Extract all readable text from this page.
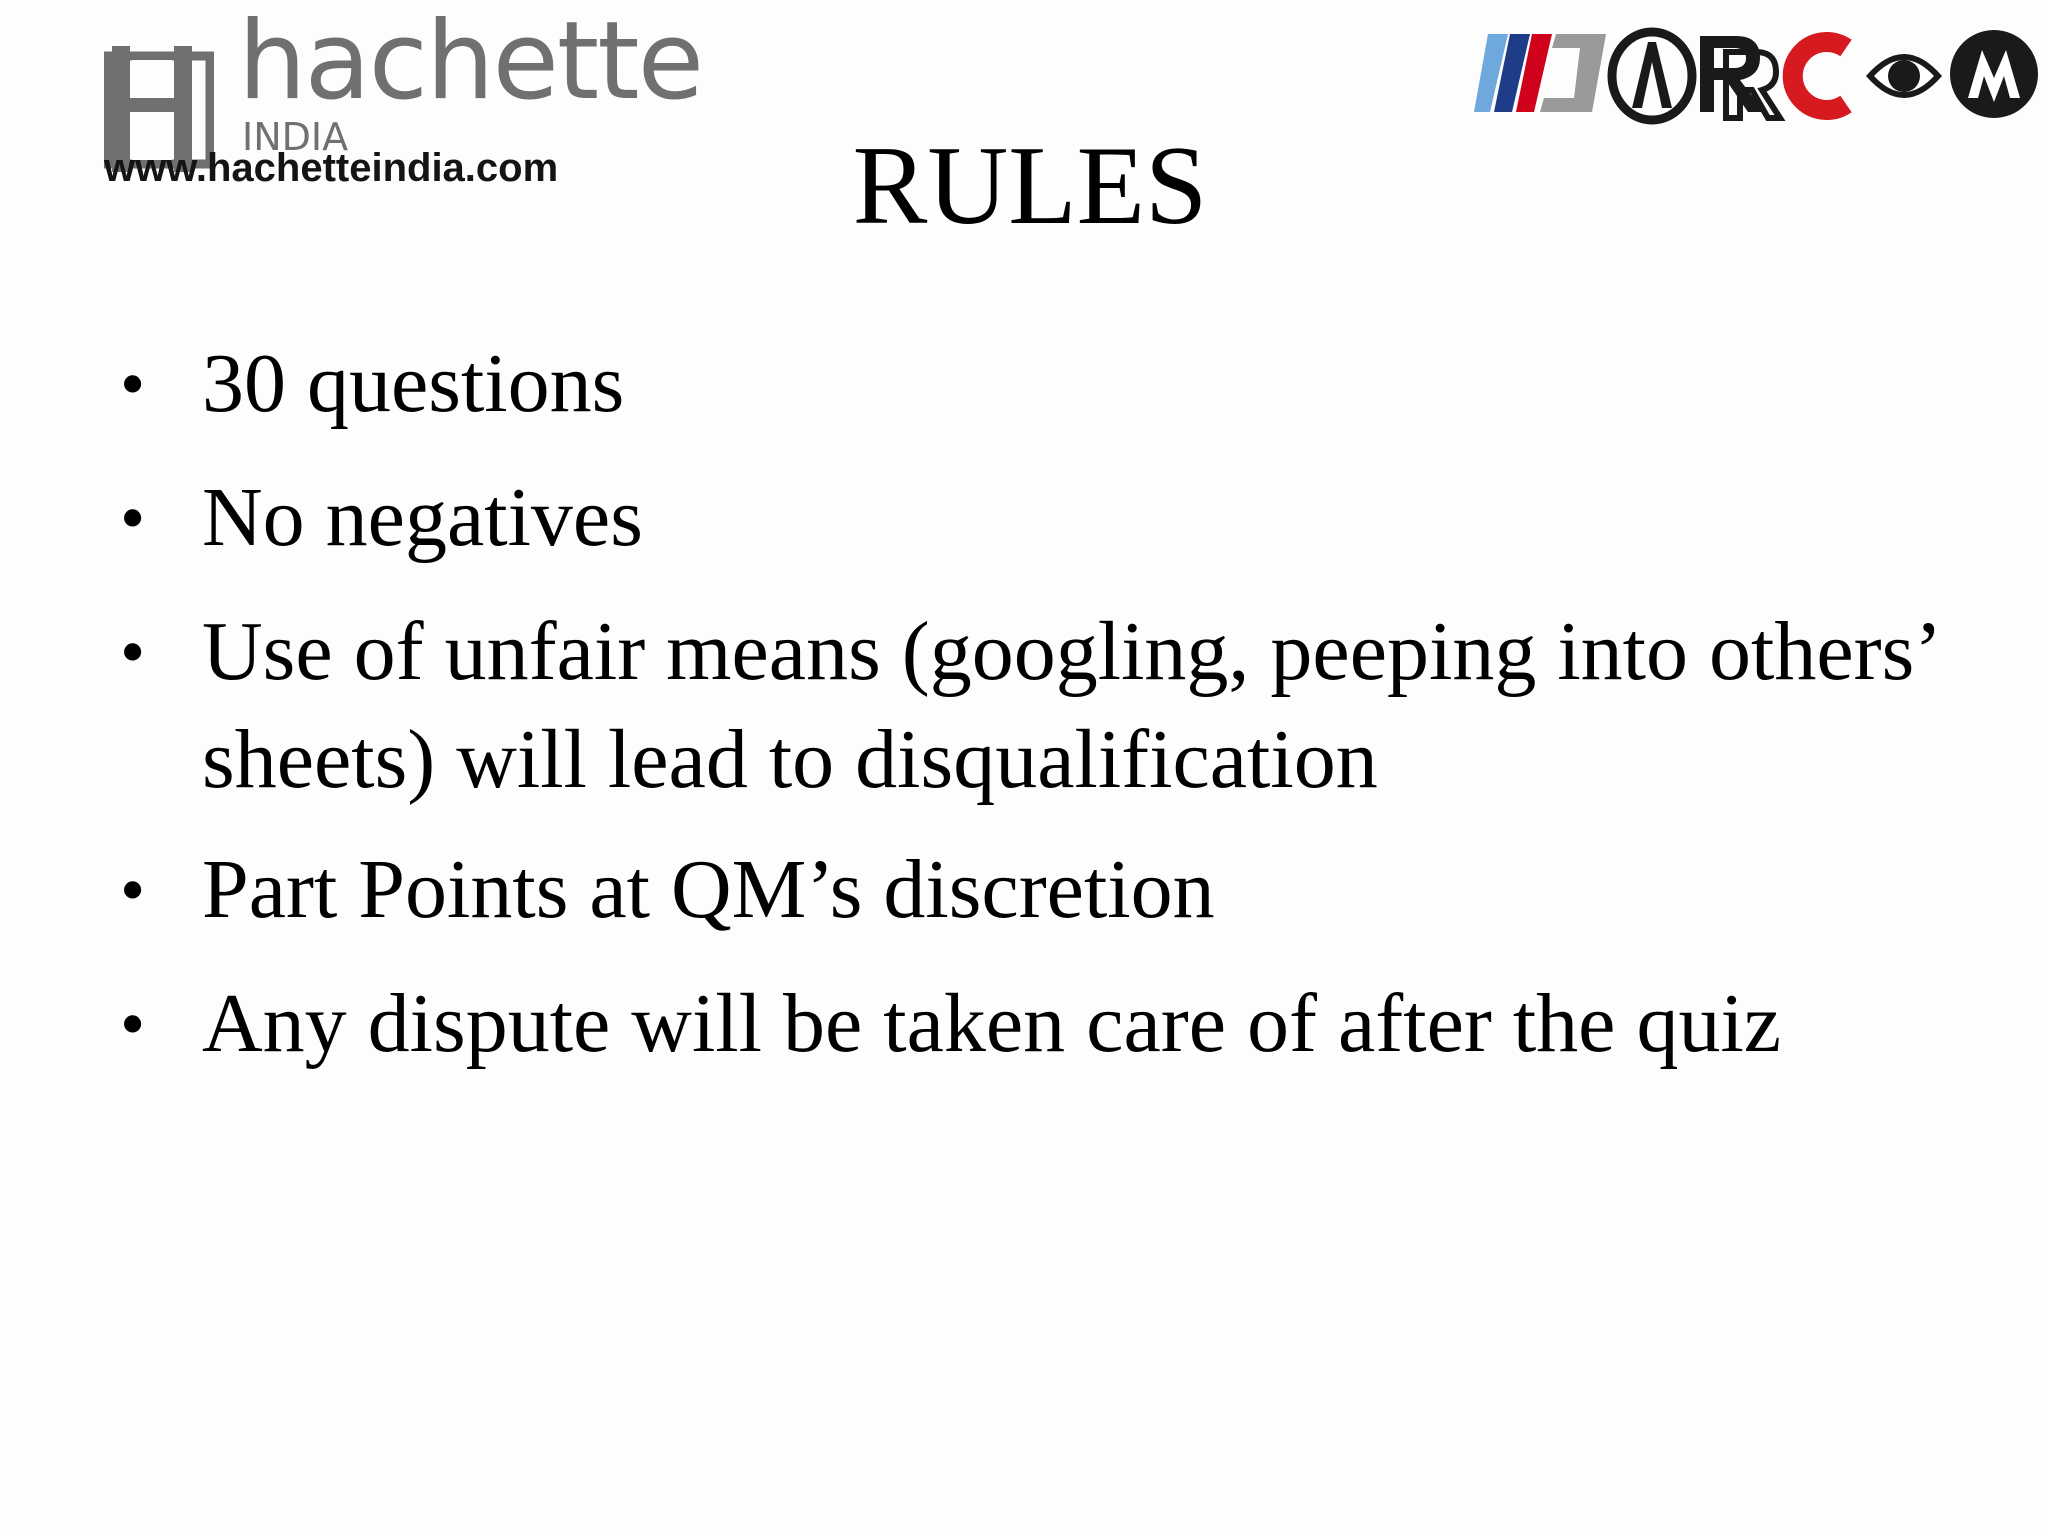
hachette
INDIA
www.hachetteindia.com	RULES
• 30 questions
• No negatives
• Use of unfair means (googling, peeping into others’ sheets) will lead to disqualification
• Part Points at QM’s discretion
• Any dispute will be taken care of after the quiz
